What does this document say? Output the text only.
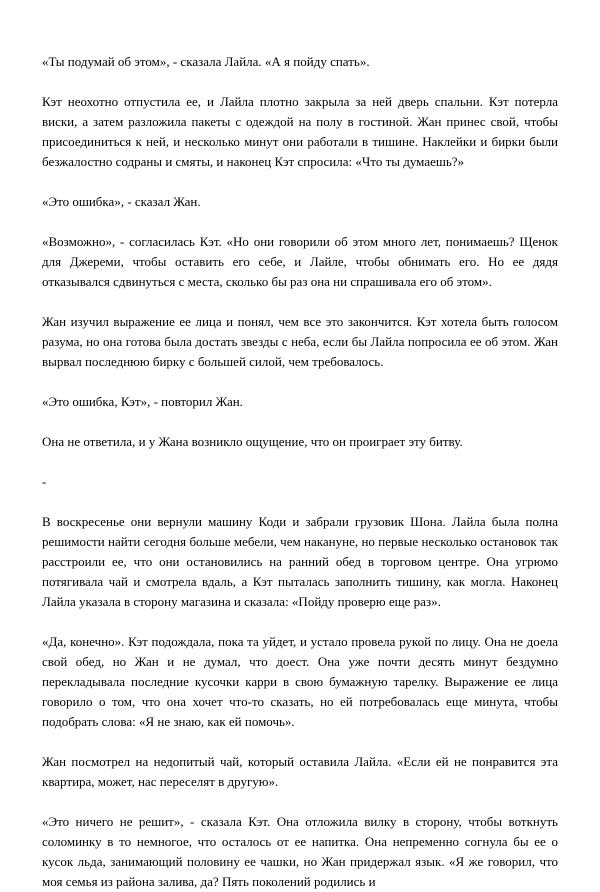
«Ты подумай об этом», - сказала Лайла. «А я пойду спать».

Кэт неохотно отпустила ее, и Лайла плотно закрыла за ней дверь спальни. Кэт потерла виски, а затем разложила пакеты с одеждой на полу в гостиной. Жан принес свой, чтобы присоединиться к ней, и несколько минут они работали в тишине. Наклейки и бирки были безжалостно содраны и смяты, и наконец Кэт спросила: «Что ты думаешь?»

«Это ошибка», - сказал Жан.

«Возможно», - согласилась Кэт. «Но они говорили об этом много лет, понимаешь? Щенок для Джереми, чтобы оставить его себе, и Лайле, чтобы обнимать его. Но ее дядя отказывался сдвинуться с места, сколько бы раз она ни спрашивала его об этом».

Жан изучил выражение ее лица и понял, чем все это закончится. Кэт хотела быть голосом разума, но она готова была достать звезды с неба, если бы Лайла попросила ее об этом. Жан вырвал последнюю бирку с большей силой, чем требовалось.

«Это ошибка, Кэт», - повторил Жан.

Она не ответила, и у Жана возникло ощущение, что он проиграет эту битву.

-

В воскресенье они вернули машину Коди и забрали грузовик Шона. Лайла была полна решимости найти сегодня больше мебели, чем накануне, но первые несколько остановок так расстроили ее, что они остановились на ранний обед в торговом центре. Она угрюмо потягивала чай и смотрела вдаль, а Кэт пыталась заполнить тишину, как могла. Наконец Лайла указала в сторону магазина и сказала: «Пойду проверю еще раз».

«Да, конечно». Кэт подождала, пока та уйдет, и устало провела рукой по лицу. Она не доела свой обед, но Жан и не думал, что доест. Она уже почти десять минут бездумно перекладывала последние кусочки карри в свою бумажную тарелку. Выражение ее лица говорило о том, что она хочет что-то сказать, но ей потребовалась еще минута, чтобы подобрать слова: «Я не знаю, как ей помочь».

Жан посмотрел на недопитый чай, который оставила Лайла. «Если ей не понравится эта квартира, может, нас переселят в другую».

«Это ничего не решит», - сказала Кэт. Она отложила вилку в сторону, чтобы воткнуть соломинку в то немногое, что осталось от ее напитка. Она непременно согнула бы ее о кусок льда, занимающий половину ее чашки, но Жан придержал язык. «Я же говорил, что моя семья из района залива, да? Пять поколений родились и
